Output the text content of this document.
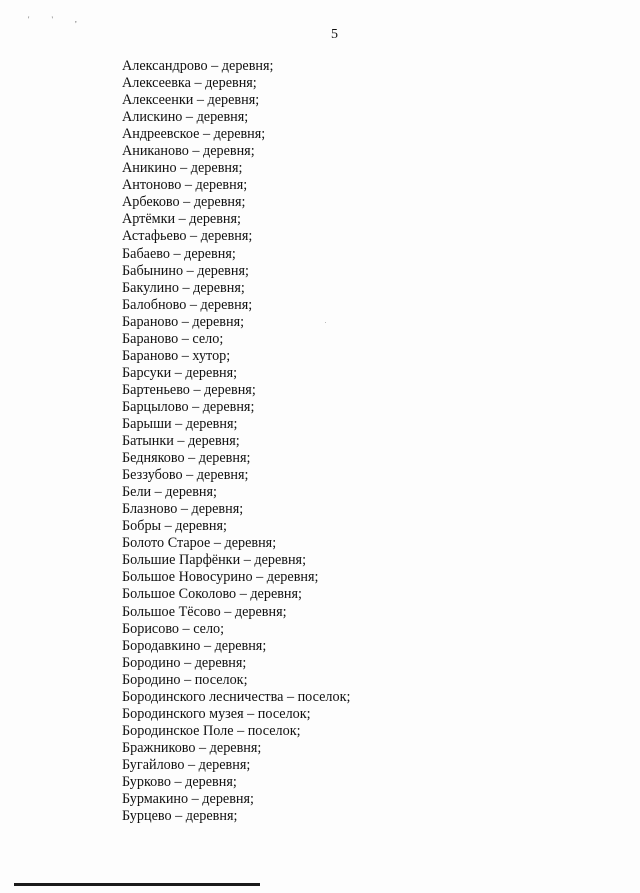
' ' ,
5
Александрово – деревня;
Алексеевка – деревня;
Алексеенки – деревня;
Алискино – деревня;
Андреевское – деревня;
Аниканово – деревня;
Аникино – деревня;
Антоново – деревня;
Арбеково – деревня;
Артёмки – деревня;
Астафьево – деревня;
Бабаево – деревня;
Бабынино – деревня;
Бакулино – деревня;
Балобново – деревня;
Бараново – деревня;
Бараново – село;
Бараново – хутор;
Барсуки – деревня;
Бартеньево – деревня;
Барцылово – деревня;
Барыши – деревня;
Батынки – деревня;
Бедняково – деревня;
Беззубово – деревня;
Бели – деревня;
Блазново – деревня;
Бобры – деревня;
Болото Старое – деревня;
Большие Парфёнки – деревня;
Большое Новосурино – деревня;
Большое Соколово – деревня;
Большое Тёсово – деревня;
Борисово – село;
Бородавкино – деревня;
Бородино – деревня;
Бородино – поселок;
Бородинского лесничества – поселок;
Бородинского музея – поселок;
Бородинское Поле – поселок;
Бражниково – деревня;
Бугайлово – деревня;
Бурково – деревня;
Бурмакино – деревня;
Бурцево – деревня;
